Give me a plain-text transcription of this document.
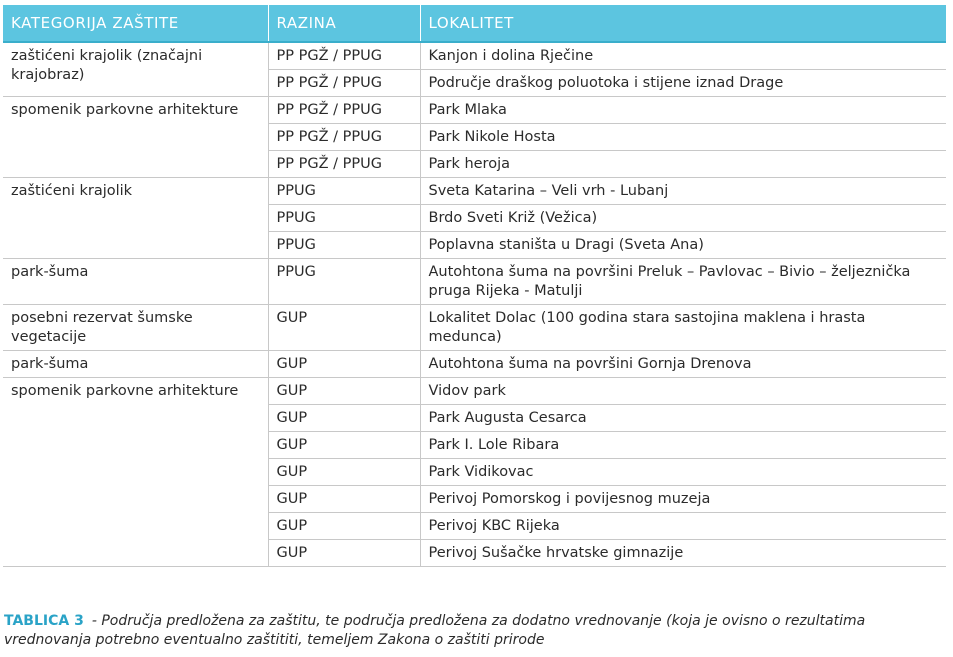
KATEGORIJA ZAŠTITE	RAZINA	LOKALITET
zaštićeni krajolik (značajni krajobraz)	PP PGŽ / PPUG	Kanjon i dolina Rječine
	PP PGŽ / PPUG	Područje draškog poluotoka i stijene iznad Drage
spomenik parkovne arhitekture	PP PGŽ / PPUG	Park Mlaka
	PP PGŽ / PPUG	Park Nikole Hosta
	PP PGŽ / PPUG	Park heroja
zaštićeni krajolik	PPUG	Sveta Katarina – Veli vrh - Lubanj
	PPUG	Brdo Sveti Križ (Vežica)
	PPUG	Poplavna staništa u Dragi (Sveta Ana)
park-šuma	PPUG	Autohtona šuma na površini Preluk – Pavlovac – Bivio – željeznička pruga Rijeka - Matulji
posebni rezervat šumske vegetacije	GUP	Lokalitet Dolac (100 godina stara sastojina maklena i hrasta meduncа)
park-šuma	GUP	Autohtona šuma na površini Gornja Drenova
spomenik parkovne arhitekture	GUP	Vidov park
	GUP	Park Augusta Cesarca
	GUP	Park I. Lole Ribara
	GUP	Park Vidikovac
	GUP	Perivoj Pomorskog i povijesnog muzeja
	GUP	Perivoj KBC Rijeka
	GUP	Perivoj Sušačke hrvatske gimnazije
TABLICA 3 - Područja predložena za zaštitu, te područja predložena za dodatno vrednovanje (koja je ovisno o rezultatima vrednovanja potrebno eventualno zaštititi, temeljem Zakona o zaštiti prirode
